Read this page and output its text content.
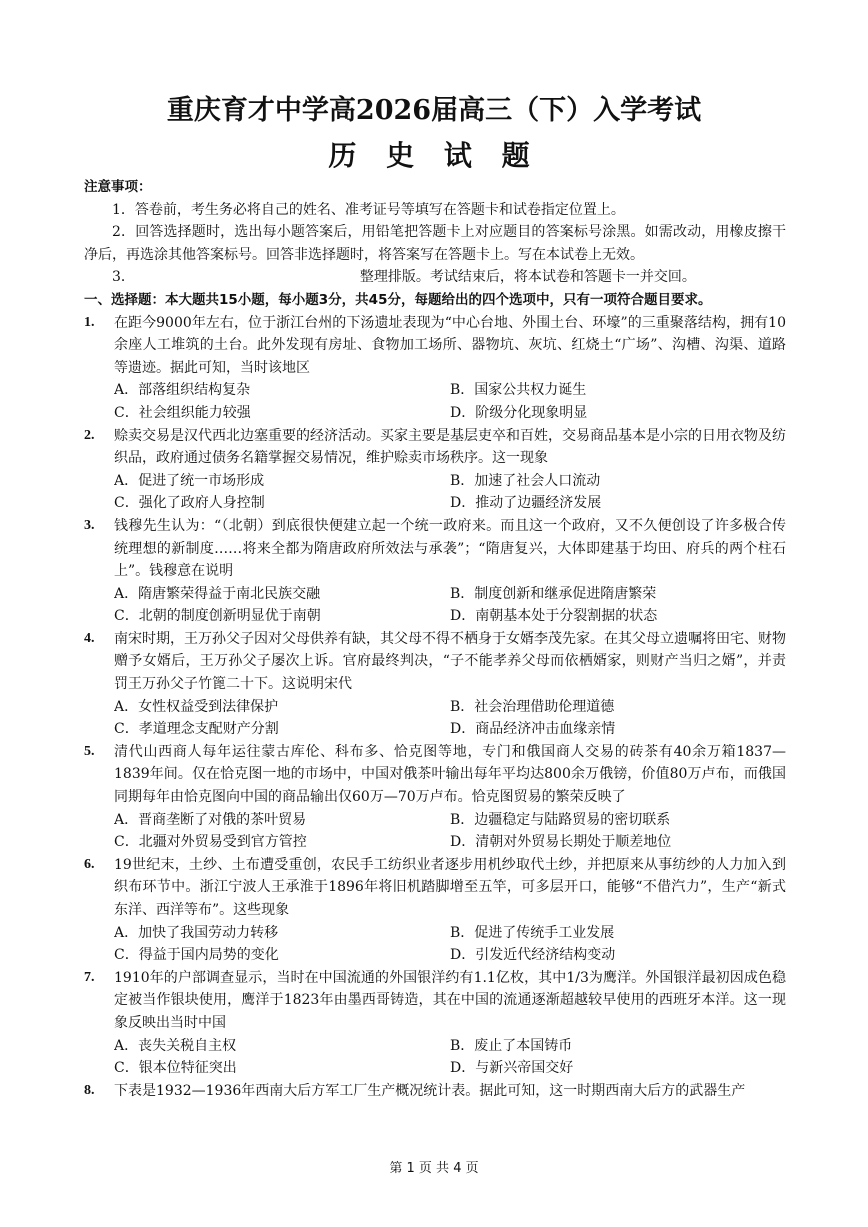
重庆育才中学高2026届高三（下）入学考试
历 史 试 题
注意事项：
1．答卷前，考生务必将自己的姓名、准考证号等填写在答题卡和试卷指定位置上。
2．回答选择题时，选出每小题答案后，用铅笔把答题卡上对应题目的答案标号涂黑。如需改动，用橡皮擦干净后，再选涂其他答案标号。回答非选择题时，将答案写在答题卡上。写在本试卷上无效。
3．	整理排版。考试结束后，将本试卷和答题卡一并交回。
一、选择题：本大题共15小题，每小题3分，共45分，每题给出的四个选项中，只有一项符合题目要求。
1. 在距今9000年左右，位于浙江台州的下汤遗址表现为“中心台地、外围土台、环壕”的三重聚落结构，拥有10余座人工堆筑的土台。此外发现有房址、食物加工场所、器物坑、灰坑、红烧土“广场”、沟槽、沟渠、道路等遗迹。据此可知，当时该地区
A．部落组织结构复杂	B．国家公共权力诞生
C．社会组织能力较强	D．阶级分化现象明显
2. 赊卖交易是汉代西北边塞重要的经济活动。买家主要是基层吏卒和百姓，交易商品基本是小宗的日用衣物及纺织品，政府通过债务名籍掌握交易情况，维护赊卖市场秩序。这一现象
A．促进了统一市场形成	B．加速了社会人口流动
C．强化了政府人身控制	D．推动了边疆经济发展
3. 钱穆先生认为：“（北朝）到底很快便建立起一个统一政府来。而且这一个政府，又不久便创设了许多极合传统理想的新制度……将来全都为隋唐政府所效法与承袭”；“隋唐复兴，大体即建基于均田、府兵的两个柱石上”。钱穆意在说明
A．隋唐繁荣得益于南北民族交融	B．制度创新和继承促进隋唐繁荣
C．北朝的制度创新明显优于南朝	D．南朝基本处于分裂割据的状态
4. 南宋时期，王万孙父子因对父母供养有缺，其父母不得不栖身于女婿李茂先家。在其父母立遗嘱将田宅、财物赠予女婿后，王万孙父子屡次上诉。官府最终判决，“子不能孝养父母而依栖婿家，则财产当归之婿”，并责罚王万孙父子竹篦二十下。这说明宋代
A．女性权益受到法律保护	B．社会治理借助伦理道德
C．孝道理念支配财产分割	D．商品经济冲击血缘亲情
5. 清代山西商人每年运往蒙古库伦、科布多、恰克图等地，专门和俄国商人交易的砖茶有40余万箱1837—1839年间。仅在恰克图一地的市场中，中国对俄茶叶输出每年平均达800余万俄镑，价值80万卢布，而俄国同期每年由恰克图向中国的商品输出仅60万—70万卢布。恰克图贸易的繁荣反映了
A．晋商垄断了对俄的茶叶贸易	B．边疆稳定与陆路贸易的密切联系
C．北疆对外贸易受到官方管控	D．清朝对外贸易长期处于顺差地位
6. 19世纪末，土纱、土布遭受重创，农民手工纺织业者逐步用机纱取代土纱，并把原来从事纺纱的人力加入到织布环节中。浙江宁波人王承淮于1896年将旧机踏脚增至五竿，可多层开口，能够“不借汽力”，生产“新式东洋、西洋等布”。这些现象
A．加快了我国劳动力转移	B．促进了传统手工业发展
C．得益于国内局势的变化	D．引发近代经济结构变动
7. 1910年的户部调查显示，当时在中国流通的外国银洋约有1.1亿枚，其中1/3为鹰洋。外国银洋最初因成色稳定被当作银块使用，鹰洋于1823年由墨西哥铸造，其在中国的流通逐渐超越较早使用的西班牙本洋。这一现象反映出当时中国
A．丧失关税自主权	B．废止了本国铸币
C．银本位特征突出	D．与新兴帝国交好
8. 下表是1932—1936年西南大后方军工厂生产概况统计表。据此可知，这一时期西南大后方的武器生产
第 1 页 共 4 页
